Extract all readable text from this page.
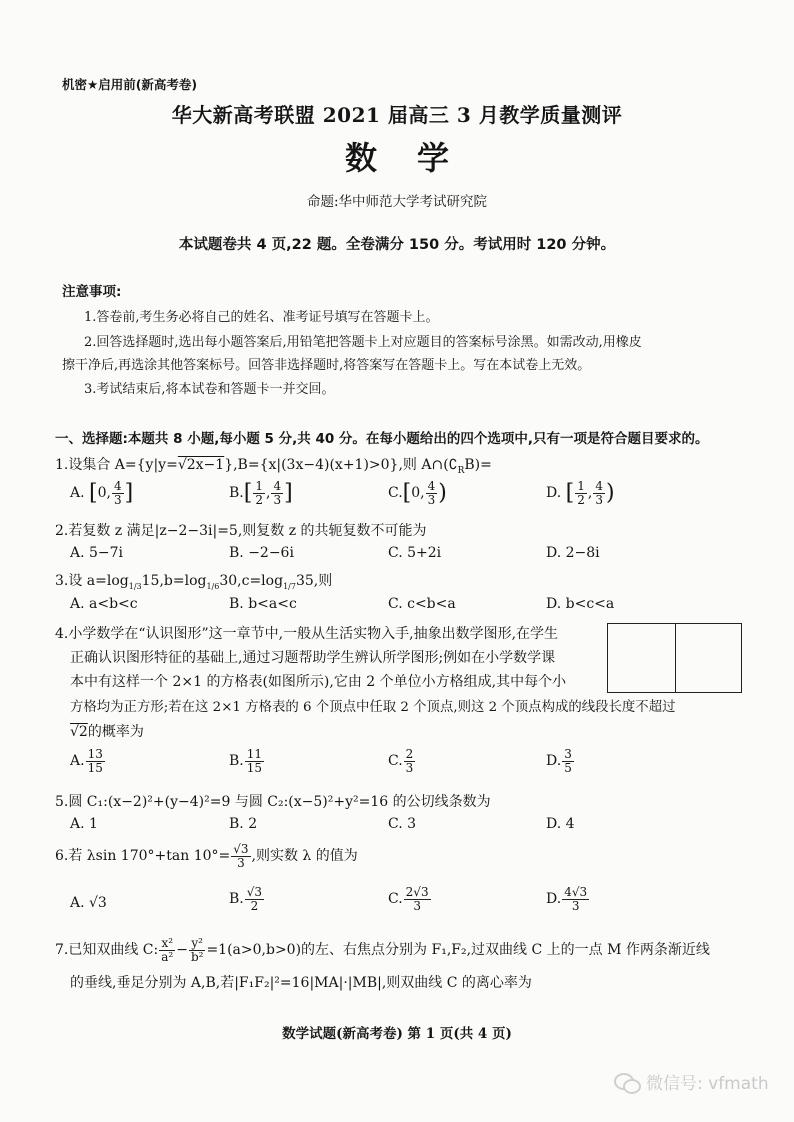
机密★启用前(新高考卷)
华大新高考联盟 2021 届高三 3 月教学质量测评
数学
命题:华中师范大学考试研究院
本试题卷共 4 页,22 题。全卷满分 150 分。考试用时 120 分钟。
注意事项:
1.答卷前,考生务必将自己的姓名、准考证号填写在答题卡上。
2.回答选择题时,选出每小题答案后,用铅笔把答题卡上对应题目的答案标号涂黑。如需改动,用橡皮
擦干净后,再选涂其他答案标号。回答非选择题时,将答案写在答题卡上。写在本试卷上无效。
3.考试结束后,将本试卷和答题卡一并交回。
一、选择题:本题共 8 小题,每小题 5 分,共 40 分。在每小题给出的四个选项中,只有一项是符合题目要求的。
1.设集合 A={y|y=√2x−1},B={x|(3x−4)(x+1)>0},则 $A\cap(∁_RB)=$
A. [0, $\frac{4}{3}$ ]	$B.[ \frac{1}{2}$ , $\frac{4}{3}$ ]	C.[0, $\frac{4}{3}$ )	D. [ $\frac{1}{2}$ , $\frac{4}{3}$ )
2.若复数 z 满足|z−2−3i|=5,则复数 z 的共轭复数不可能为
A. 5−7i	B. −2−6i	C. 5+2i	D. 2−8i
3.设 $a=\log_{1/3}15,b=\log_{1/6}30,c=\log_{1/7}35$,则
A. a<b<c	B. b<a<c	C. c<b<a	D. b<c<a
4.小学数学在“认识图形”这一章节中,一般从生活实物入手,抽象出数学图形,在学生
正确认识图形特征的基础上,通过习题帮助学生辨认所学图形;例如在小学数学课
本中有这样一个 2×1 的方格表(如图所示),它由 2 个单位小方格组成,其中每个小
方格均为正方形;若在这 2×1 方格表的 6 个顶点中任取 2 个顶点,则这 2 个顶点构成的线段长度不超过
√2的概率为
A. $\frac{13}{15}$	B. $\frac{11}{15}$	C. $\frac{2}{3}$	D. $\frac{3}{5}$
5.圆 C₁:(x−2)²+(y−4)²=9 与圆 C₂:(x−5)²+y²=16 的公切线条数为
A. 1	B. 2	C. 3	D. 4
6.若 λsin 170°+tan $10^\circ= \frac{√3}{3}$ ,则实数 λ 的值为
A. √3	B. $\frac{√3}{2}$	C. $\frac{2√3}{3}$	D. $\frac{4√3}{3}$
7.已知双曲线 C: $\frac{\text{x²}}{\text{a²}} - \frac{\text{y²}}{\text{b²}} =1(a>0,b>0)$的左、右焦点分别为 F₁,F₂,过双曲线 C 上的一点 M 作两条渐近线
的垂线,垂足分别为 A,B,若|F₁F₂|²=16|MA|·|MB|,则双曲线 C 的离心率为
数学试题(新高考卷) 第 1 页(共 4 页)
微信号: vfmath
